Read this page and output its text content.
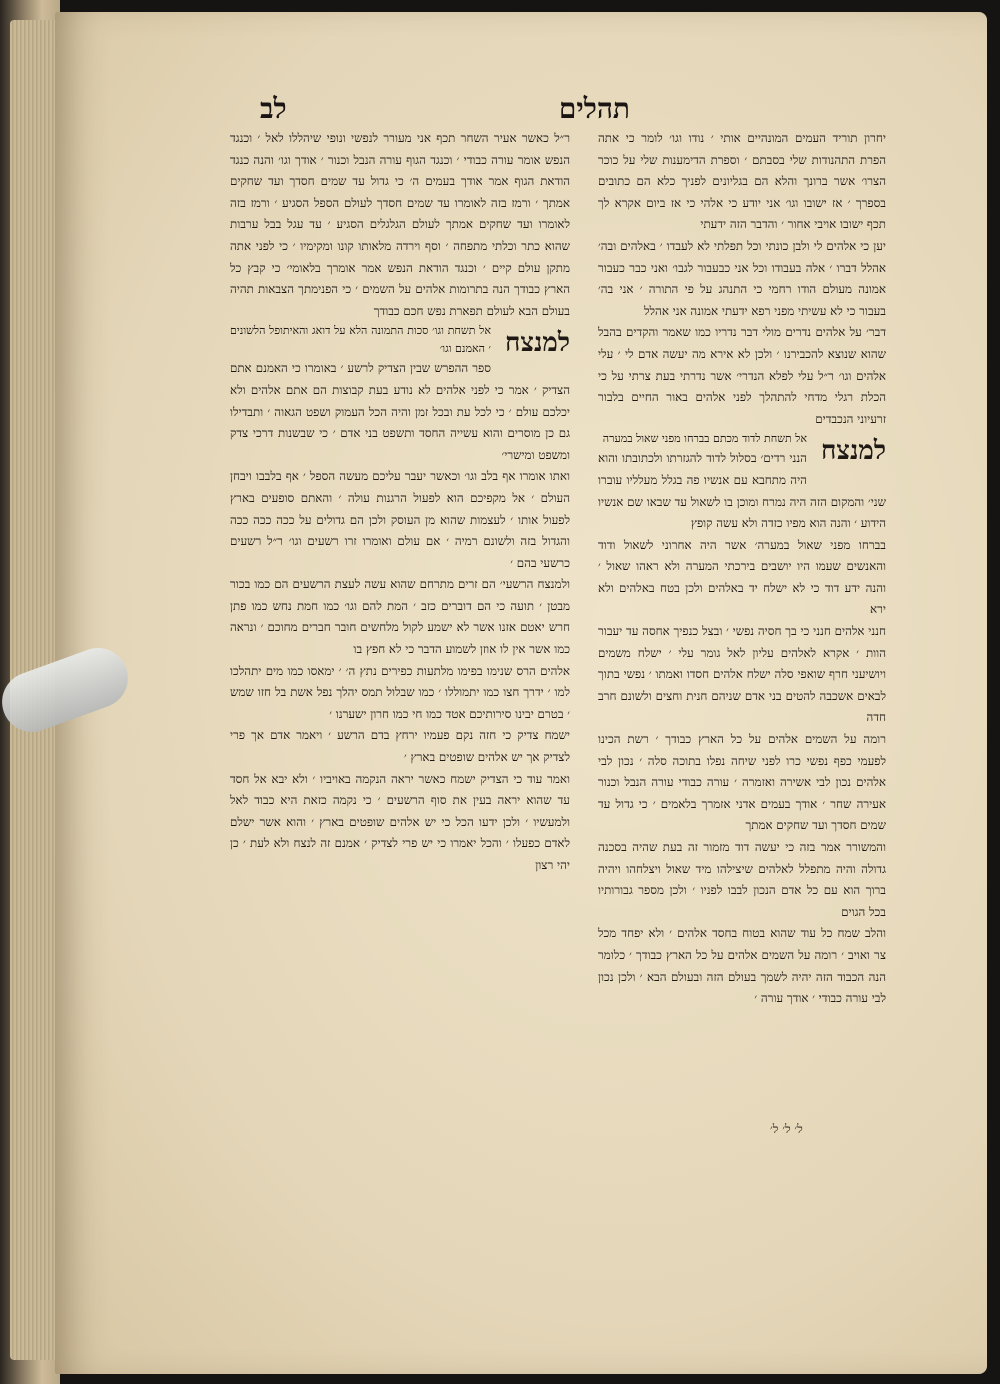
תהלים
לב

יחרון תוריד העמים המונהיים אותי ׳ נודו וגו׳ לומר כי אתה הפרת התהנודות שלי בסבתם ׳ וספרת הדימענות שלי על כוכר הצרו׳ אשר ברונך והלא הם בגליונים לפניך כלא הם כתובים בספרך ׳ אז ישובו וגו׳ אני יודע כי אלהי כי אז ביום אקרא לך תכף ישובו אויבי אחור ׳ והדבר הזה ידעתי

יען כי אלהים לי ולבן כונתי וכל תפלתי לא לעבדו ׳ באלהים ובה׳ אהלל דברו ׳ אלה בעבודו וכל אני כבעבור לגבו׳ ואני כבר כעבור אמונה מעולם הודו רחמי כי התנהג על פי התורה ׳ אני בה׳ בעבור כי לא עשיתי מפני רפא ידעתי אמונה אני אהלל

דבר׳ על אלהים נדרים מולי דבר נדריו כמו שאמר והקדים בהבל שהוא שנוצא להכבירנו ׳ ולכן לא אירא מה יעשה אדם לי ׳ עלי אלהים וגו׳ ר״ל עלי לפלא הנדרי׳ אשר נדרתי בעת צרתי על כי הכלת רגלי מדחי להתהלך לפני אלהים באור החיים בלבור זרעיוני הנכבדים

למנצח

אל תשחת לדוד מכתם בברחו מפני שאול במערה

הנני רדים׳ בסלול לדוד להגזרתו ולכתובתו והוא היה מתחבא עם אנשיו פה בגלל מעלליו עוברו שני׳ והמקום הזה היה נמרח ומוכן בו לשאול עד שבאו שם אנשיו הידוע ׳ והנה הוא מפיו כזדה ולא עשה קופץ

בברחו מפני שאול במערה׳ אשר היה אחרוני לשאול ודוד והאנשים שעמו היו יושבים בירכתי המערה ולא ראהו שאול ׳ והנה ידע דוד כי לא ישלח יד באלהים ולכן בטח באלהים ולא ירא

חנני אלהים חנני כי בך חסיה נפשי ׳ ובצל כנפיך אחסה עד יעבור הוות ׳ אקרא לאלהים עליון לאל גומר עלי ׳ ישלח משמים ויושיעני חרף שואפי סלה ישלח אלהים חסדו ואמתו ׳ נפשי בתוך לבאים אשכבה להטים בני אדם שניהם חנית וחצים ולשונם חרב חדה

רומה על השמים אלהים על כל הארץ כבודך ׳ רשת הכינו לפעמי כפף נפשי כרו לפני שיחה נפלו בתוכה סלה ׳ נכון לבי אלהים נכון לבי אשירה ואזמרה ׳ עורה כבודי עורה הנבל וכנור אעירה שחר ׳ אודך בעמים אדני אזמרך בלאמים ׳ כי גדול עד שמים חסדך ועד שחקים אמתך

והמשורר אמר בזה כי יעשה דוד מזמור זה בעת שהיה בסכנה גדולה והיה מתפלל לאלהים שיצילהו מיד שאול ויצלחהו ויהיה ברוך הוא עם כל אדם הנכון לבבו לפניו ׳ ולכן מספר גבורותיו בכל הגוים

והלב שמח כל עוד שהוא בטוח בחסד אלהים ׳ ולא יפחד מכל צר ואויב ׳ רומה על השמים אלהים על כל הארץ כבודך ׳ כלומר הנה הכבוד הזה יהיה לשמך בעולם הזה ובעולם הבא ׳ ולכן נכון לבי עורה כבודי ׳ אודך עורה ׳

ר״ל כאשר אעיר השחר תכף אני מעורר לנפשי ונופי שיהללו לאל ׳ וכנגד הנפש אומר עורה כבודי ׳ וכנגד הגוף עורה הנבל וכנור ׳ אודך וגו׳ והנה כנגד הודאת הגוף אמר אודך בעמים ה׳ כי גדול עד שמים חסדך ועד שחקים אמתך ׳ ורמז בזה לאומרו עד שמים חסדך לעולם הספל הסגיע ׳ ורמז בזה לאומרו ועד שחקים אמתך לעולם הגלגלים הסגיע ׳ עד עגל בבל ערבות שהוא כתר וכלתי מתפחה ׳ וסף וירדה מלאותו קונו ומקימיו ׳ כי לפני אתה מתקן עולם קיים ׳ וכנגד הודאת הנפש אמר אומרך בלאומי׳ כי קבץ כל הארץ כבודך הנה בתרומות אלהים על השמים ׳ כי הפנימתך הצבאות תהיה בעולם הבא לעולם תפארת נפש חכם כבודך

למנצח

אל תשחת וגו׳ סכות התמונה הלא על דואג והאיתופל הלשונים ׳ האמנם וגו׳

ספר ההפרש שבין הצדיק לרשע ׳ באומרו כי האמנם אתם הצדיק ׳ אמר כי לפני אלהים לא נודע בעת קבוצות הם אתם אלהים ולא יכלכם עולם ׳ כי לכל עת ובכל זמן והיה הכל העמוק ושפט הגאוה ׳ ותבדילו גם כן מוסרים והוא עשייה החסד ותשפט בני אדם ׳ כי שבשנות דרכי צדק ומשפט ומישרי׳

ואתו אומרו אף בלב וגו׳ וכאשר יעבר עליכם מעשה הספל ׳ אף בלבבו ויבחן העולם ׳ אל מקפיכם הוא לפעול הרגנות עולה ׳ והאתם סופעים בארץ לפעול אותו ׳ לעצמות שהוא מן העוסק ולכן הם גדולים על ככה ככה ככה והגדול בזה ולשונם רמיה ׳ אם עולם ואומרו זרו רשעים וגו׳ ר״ל רשעים כרשעי בהם ׳

ולמנצח הרשעי׳ הם זרים מתרחם שהוא עשה לעצת הרשעים הם כמו בכור מבטן ׳ תועה כי הם דוברים כזב ׳ המת להם וגו׳ כמו חמת נחש כמו פתן חרש יאטם אזנו אשר לא ישמע לקול מלחשים חובר חברים מחוכם ׳ ונראה כמו אשר אין לו אוזן לשמוע הדבר כי לא חפץ בו

אלהים הרס שנימו בפימו מלתעות כפירים נתץ ה׳ ׳ ימאסו כמו מים יתהלכו למו ׳ ידרך חצו כמו יתמוללו ׳ כמו שבלול תמס יהלך נפל אשת בל חזו שמש ׳ בטרם יבינו סירותיכם אטד כמו חי כמו חרון ישערנו ׳

ישמח צדיק כי חזה נקם פעמיו ירחץ בדם הרשע ׳ ויאמר אדם אך פרי לצדיק אך יש אלהים שופטים בארץ ׳

ואמר עוד כי הצדיק ישמח כאשר יראה הנקמה באויביו ׳ ולא יבא אל חסד עד שהוא יראה בעין את סוף הרשעים ׳ כי נקמה כזאת היא כבוד לאל ולמעשיו ׳ ולכן ידעו הכל כי יש אלהים שופטים בארץ ׳ והוא אשר ישלם לאדם כפעלו ׳ והכל יאמרו כי יש פרי לצדיק ׳ אמנם זה לנצח ולא לעת ׳ כן יהי רצון

ל׳ ל׳ ל׳
